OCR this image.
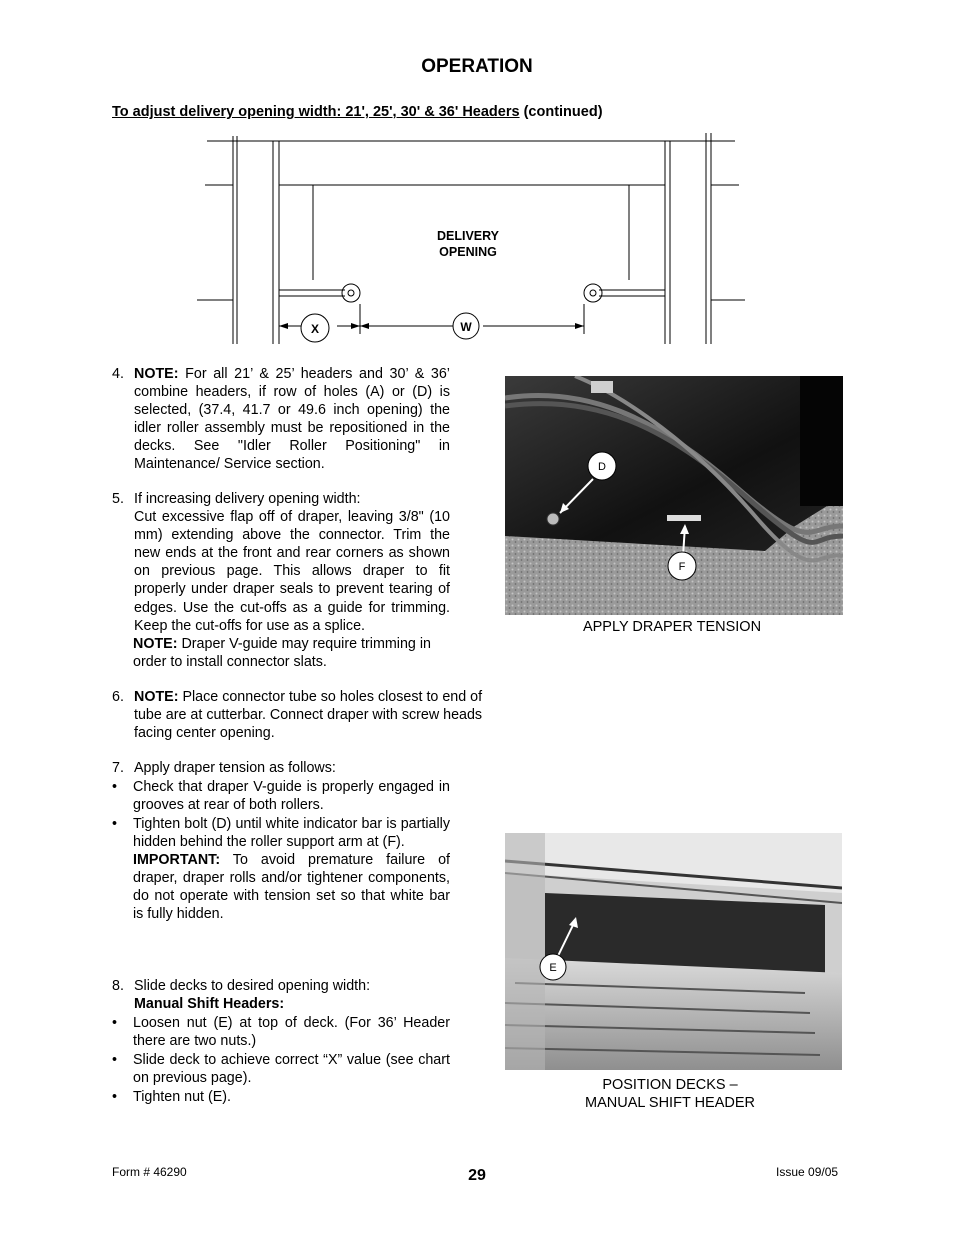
OPERATION
To adjust delivery opening width: 21', 25', 30' & 36' Headers (continued)
DELIVERY
OPENING
X	W
4. NOTE: For all 21’ & 25’ headers and 30’ & 36’ combine headers, if row of holes (A) or (D) is selected, (37.4, 41.7 or 49.6 inch opening) the idler roller assembly must be repositioned in the decks. See "Idler Roller Positioning" in Maintenance/ Service section.
5. If increasing delivery opening width:
Cut excessive flap off of draper, leaving 3/8" (10 mm) extending above the connector. Trim the new ends at the front and rear corners as shown on previous page. This allows draper to fit properly under draper seals to prevent tearing of edges. Use the cut-offs as a guide for trimming. Keep the cut-offs for use as a splice.
NOTE: Draper V-guide may require trimming in order to install connector slats.
6. NOTE: Place connector tube so holes closest to end of tube are at cutterbar. Connect draper with screw heads facing center opening.
7. Apply draper tension as follows:
• Check that draper V-guide is properly engaged in grooves at rear of both rollers.
• Tighten bolt (D) until white indicator bar is partially hidden behind the roller support arm at (F).
IMPORTANT: To avoid premature failure of draper, draper rolls and/or tightener components, do not operate with tension set so that white bar is fully hidden.
8. Slide decks to desired opening width:
Manual Shift Headers:
• Loosen nut (E) at top of deck. (For 36’ Header there are two nuts.)
• Slide deck to achieve correct “X” value (see chart on previous page).
• Tighten nut (E).
D
F
APPLY DRAPER TENSION
E
POSITION DECKS –
MANUAL SHIFT HEADER
Form # 46290	29	Issue 09/05
